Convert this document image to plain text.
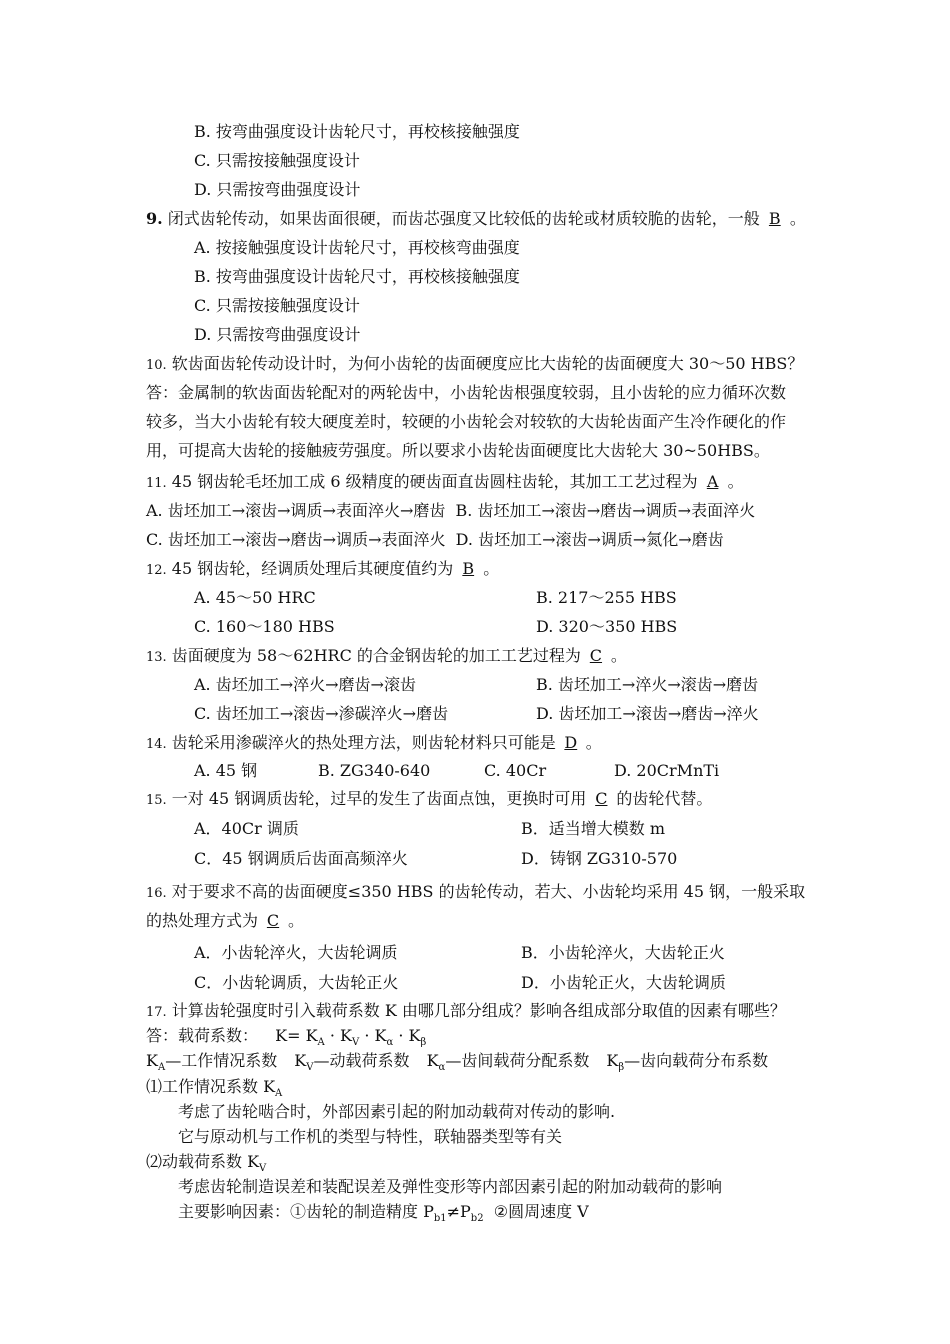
B. 按弯曲强度设计齿轮尺寸，再校核接触强度
C. 只需按接触强度设计
D. 只需按弯曲强度设计
9. 闭式齿轮传动，如果齿面很硬，而齿芯强度又比较低的齿轮或材质较脆的齿轮，一般 B 。
A. 按接触强度设计齿轮尺寸，再校核弯曲强度
B. 按弯曲强度设计齿轮尺寸，再校核接触强度
C. 只需按接触强度设计
D. 只需按弯曲强度设计
10. 软齿面齿轮传动设计时，为何小齿轮的齿面硬度应比大齿轮的齿面硬度大 30～50 HBS？
答：金属制的软齿面齿轮配对的两轮齿中，小齿轮齿根强度较弱，且小齿轮的应力循环次数
较多，当大小齿轮有较大硬度差时，较硬的小齿轮会对较软的大齿轮齿面产生冷作硬化的作
用，可提高大齿轮的接触疲劳强度。所以要求小齿轮齿面硬度比大齿轮大 30~50HBS。
11. 45 钢齿轮毛坯加工成 6 级精度的硬齿面直齿圆柱齿轮，其加工工艺过程为 A 。
A. 齿坯加工→滚齿→调质→表面淬火→磨齿  B. 齿坯加工→滚齿→磨齿→调质→表面淬火
C. 齿坯加工→滚齿→磨齿→调质→表面淬火  D. 齿坯加工→滚齿→调质→氮化→磨齿
12. 45 钢齿轮，经调质处理后其硬度值约为 B 。
A. 45～50 HRC	B. 217～255 HBS
C. 160～180 HBS	D. 320～350 HBS
13. 齿面硬度为 58～62HRC 的合金钢齿轮的加工工艺过程为 C 。
A. 齿坯加工→淬火→磨齿→滚齿	B. 齿坯加工→淬火→滚齿→磨齿
C. 齿坯加工→滚齿→渗碳淬火→磨齿	D. 齿坯加工→滚齿→磨齿→淬火
14. 齿轮采用渗碳淬火的热处理方法，则齿轮材料只可能是 D 。
A. 45 钢	B. ZG340-640	C. 40Cr	D. 20CrMnTi
15. 一对 45 钢调质齿轮，过早的发生了齿面点蚀，更换时可用 C 的齿轮代替。
A．40Cr 调质	B．适当增大模数 m
C．45 钢调质后齿面高频淬火	D．铸钢 ZG310-570
16. 对于要求不高的齿面硬度≤350 HBS 的齿轮传动，若大、小齿轮均采用 45 钢，一般采取
的热处理方式为 C 。
A．小齿轮淬火，大齿轮调质	B．小齿轮淬火，大齿轮正火
C．小齿轮调质，大齿轮正火	D．小齿轮正火，大齿轮调质
17. 计算齿轮强度时引入载荷系数 K 由哪几部分组成？影响各组成部分取值的因素有哪些？
答：载荷系数： $K= K_A \cdot K_V \cdot K_\alpha \cdot K_\beta$
$K_A—$工作情况系数 $K_V—$动载荷系数 $K_\alpha—$齿间载荷分配系数 $K_\beta—$齿向载荷分布系数
⑴工作情况系数 $K_A$
考虑了齿轮啮合时，外部因素引起的附加动载荷对传动的影响.
它与原动机与工作机的类型与特性，联轴器类型等有关
⑵动载荷系数 $K_V$
考虑齿轮制造误差和装配误差及弹性变形等内部因素引起的附加动载荷的影响
主要影响因素：①齿轮的制造精度 $P_{b1}\ne P_{b2}$  ②圆周速度 V
